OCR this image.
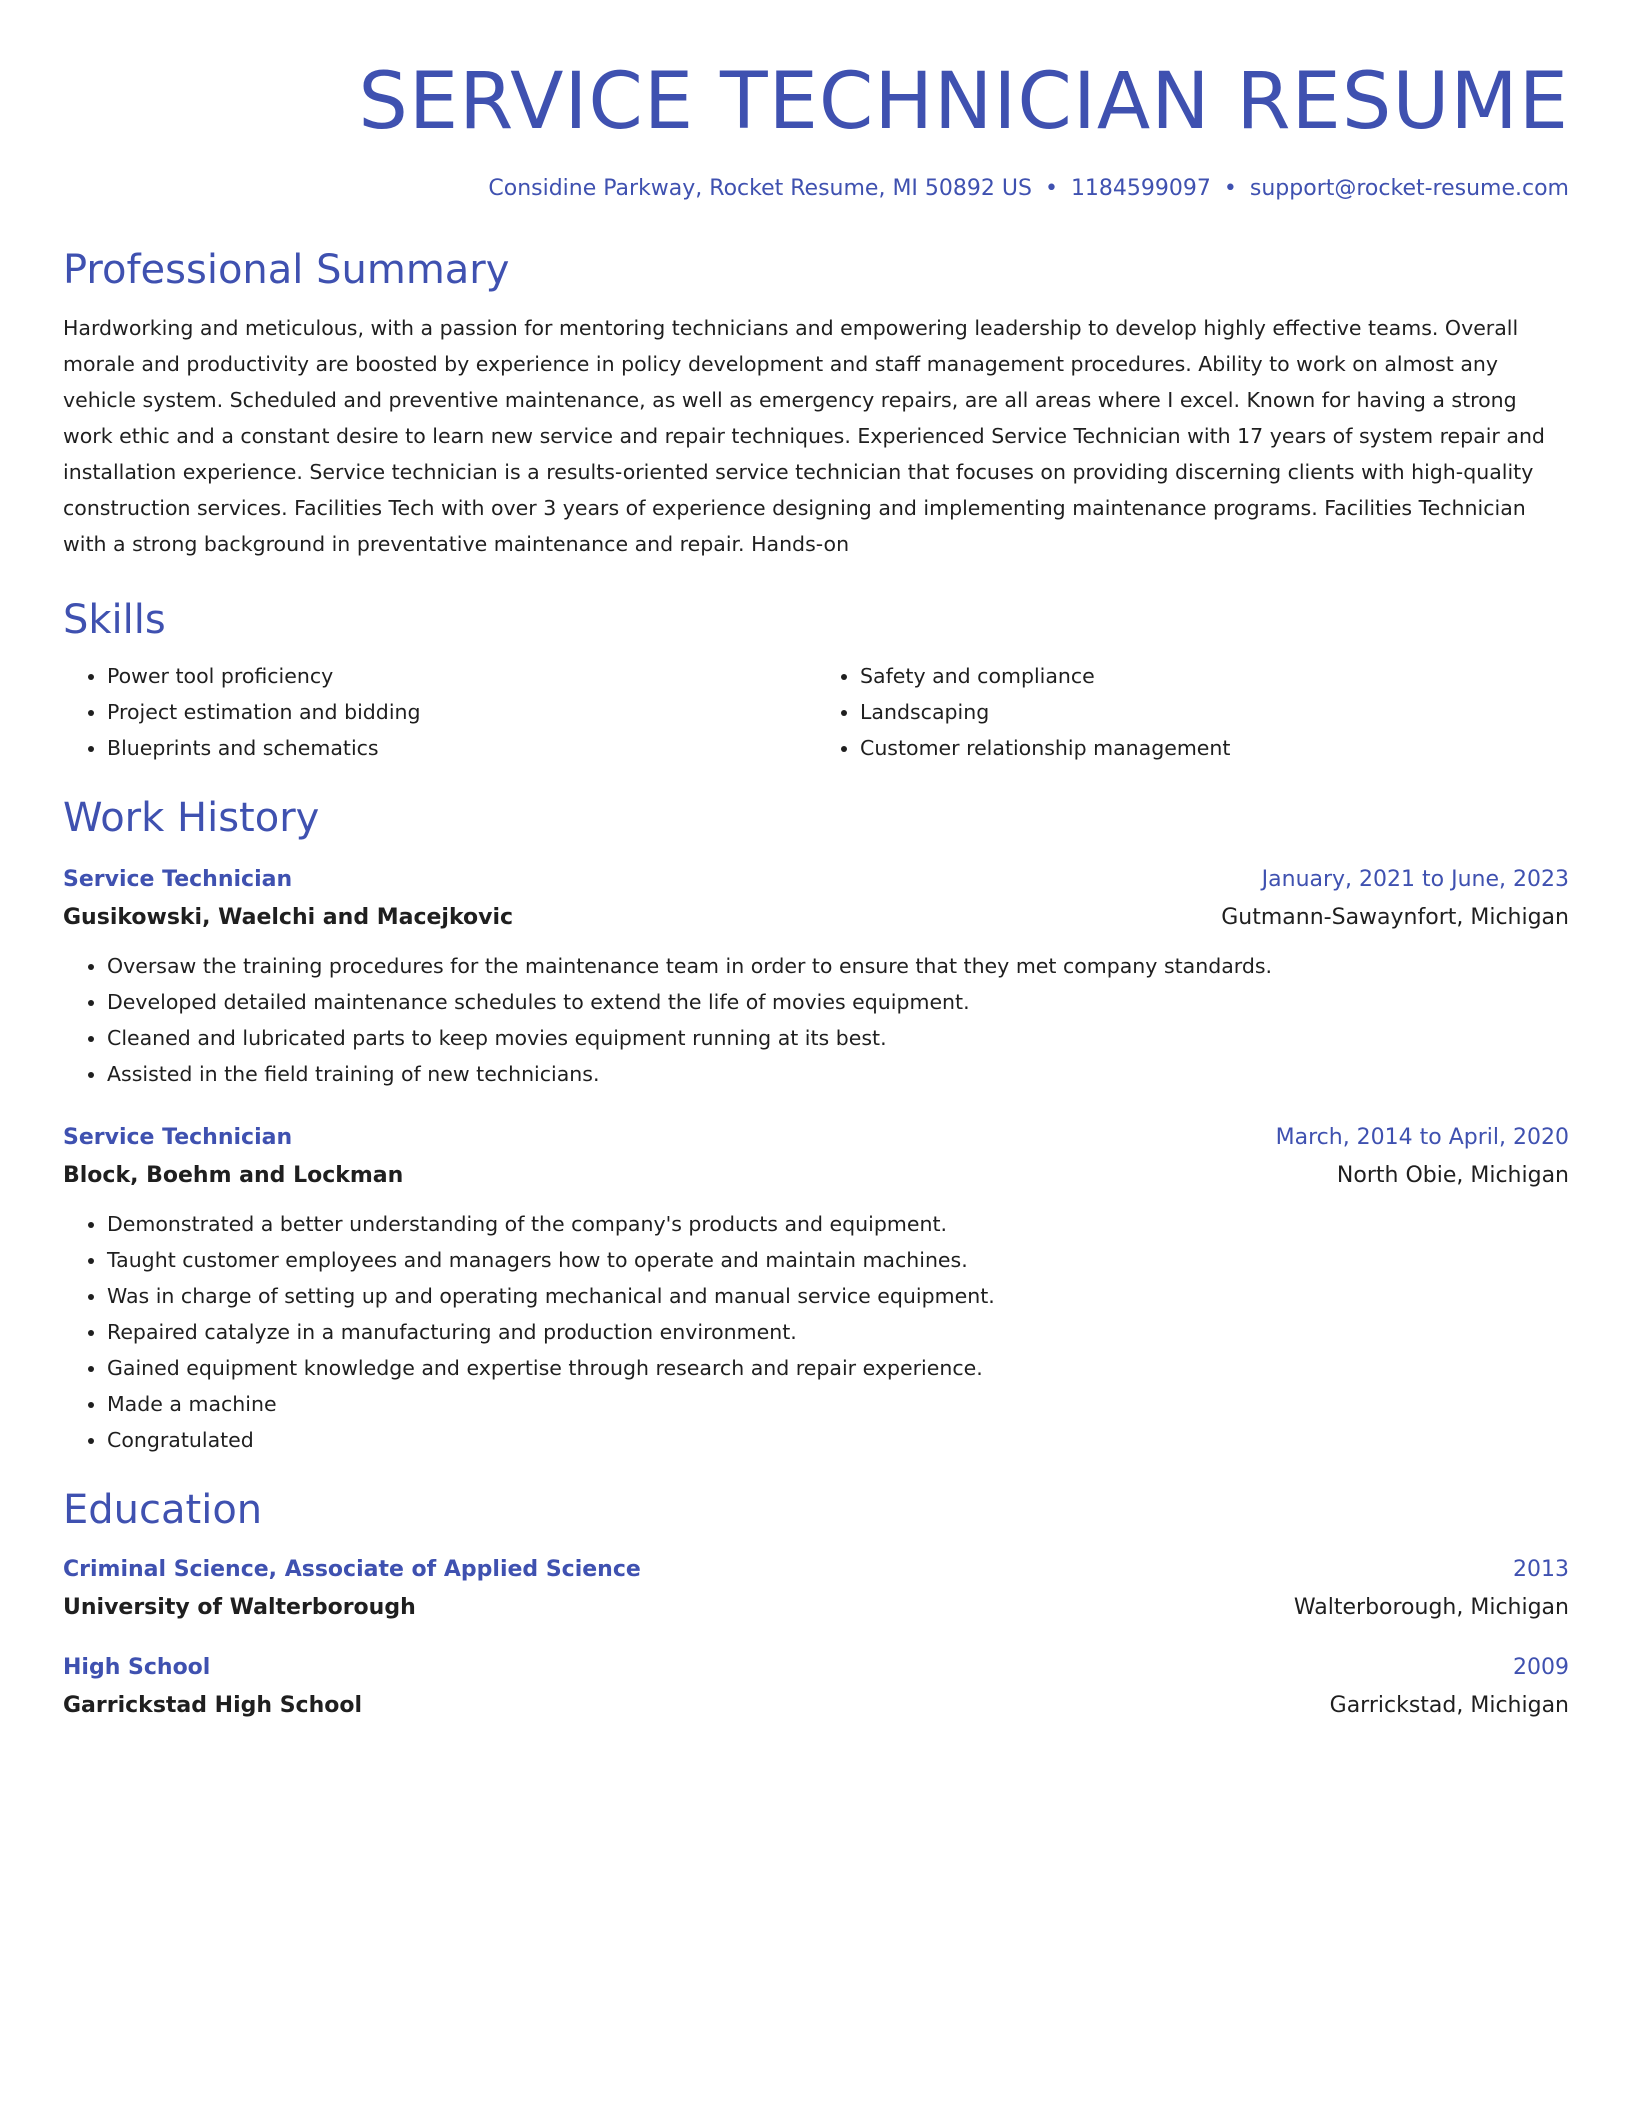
SERVICE TECHNICIAN RESUME
Considine Parkway, Rocket Resume, MI 50892 US • 1184599097 • support@rocket-resume.com
Professional Summary
Hardworking and meticulous, with a passion for mentoring technicians and empowering leadership to develop highly effective teams. Overall morale and productivity are boosted by experience in policy development and staff management procedures. Ability to work on almost any vehicle system. Scheduled and preventive maintenance, as well as emergency repairs, are all areas where I excel. Known for having a strong work ethic and a constant desire to learn new service and repair techniques. Experienced Service Technician with 17 years of system repair and installation experience. Service technician is a results-oriented service technician that focuses on providing discerning clients with high-quality construction services. Facilities Tech with over 3 years of experience designing and implementing maintenance programs. Facilities Technician with a strong background in preventative maintenance and repair. Hands-on
Skills
• Power tool proficiency
• Project estimation and bidding
• Blueprints and schematics
• Safety and compliance
• Landscaping
• Customer relationship management
Work History
Service Technician	January, 2021 to June, 2023
Gusikowski, Waelchi and Macejkovic	Gutmann-Sawaynfort, Michigan
• Oversaw the training procedures for the maintenance team in order to ensure that they met company standards.
• Developed detailed maintenance schedules to extend the life of movies equipment.
• Cleaned and lubricated parts to keep movies equipment running at its best.
• Assisted in the field training of new technicians.
Service Technician	March, 2014 to April, 2020
Block, Boehm and Lockman	North Obie, Michigan
• Demonstrated a better understanding of the company's products and equipment.
• Taught customer employees and managers how to operate and maintain machines.
• Was in charge of setting up and operating mechanical and manual service equipment.
• Repaired catalyze in a manufacturing and production environment.
• Gained equipment knowledge and expertise through research and repair experience.
• Made a machine
• Congratulated
Education
Criminal Science, Associate of Applied Science	2013
University of Walterborough	Walterborough, Michigan
High School	2009
Garrickstad High School	Garrickstad, Michigan
